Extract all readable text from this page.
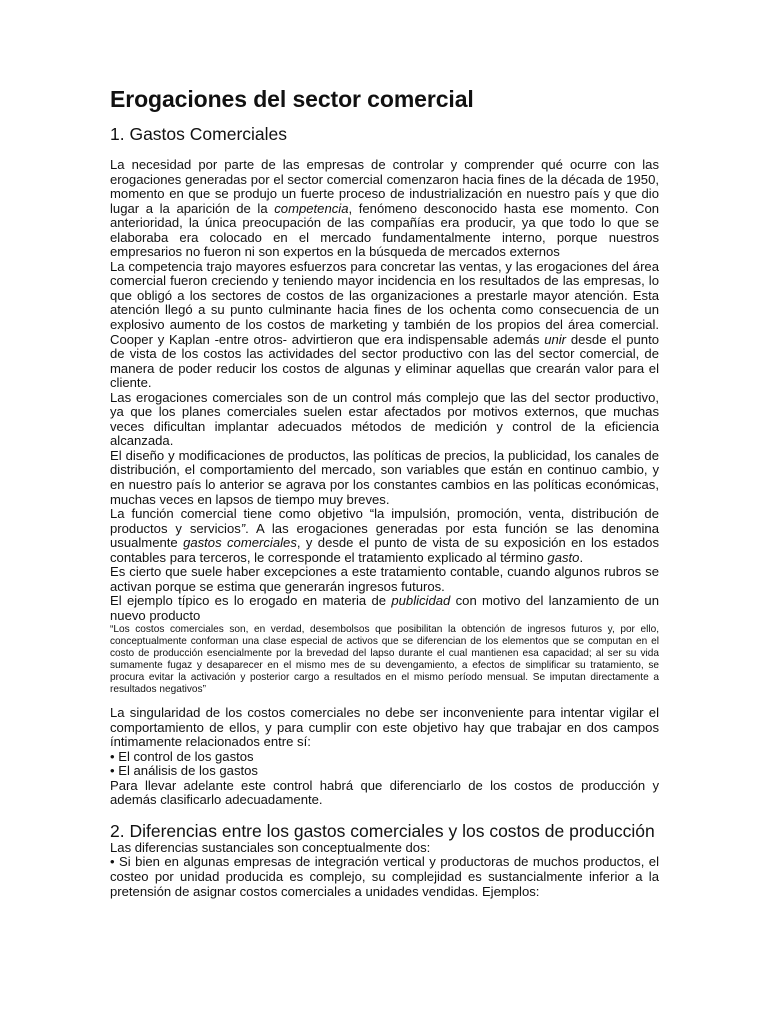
Erogaciones del sector comercial
1. Gastos Comerciales

La necesidad por parte de las empresas de controlar y comprender qué ocurre con las erogaciones generadas por el sector comercial comenzaron hacia fines de la década de 1950, momento en que se produjo un fuerte proceso de industrialización en nuestro país y que dio lugar a la aparición de la competencia, fenómeno desconocido hasta ese momento. Con anterioridad, la única preocupación de las compañías era producir, ya que todo lo que se elaboraba era colocado en el mercado fundamentalmente interno, porque nuestros empresarios no fueron ni son expertos en la búsqueda de mercados externos

La competencia trajo mayores esfuerzos para concretar las ventas, y las erogaciones del área comercial fueron creciendo y teniendo mayor incidencia en los resultados de las empresas, lo que obligó a los sectores de costos de las organizaciones a prestarle mayor atención. Esta atención llegó a su punto culminante hacia fines de los ochenta como consecuencia de un explosivo aumento de los costos de marketing y también de los propios del área comercial. Cooper y Kaplan -entre otros- advirtieron que era indispensable además unir desde el punto de vista de los costos las actividades del sector productivo con las del sector comercial, de manera de poder reducir los costos de algunas y eliminar aquellas que crearán valor para el cliente.

Las erogaciones comerciales son de un control más complejo que las del sector productivo, ya que los planes comerciales suelen estar afectados por motivos externos, que muchas veces dificultan implantar adecuados métodos de medición y control de la eficiencia alcanzada.

El diseño y modificaciones de productos, las políticas de precios, la publicidad, los canales de distribución, el comportamiento del mercado, son variables que están en continuo cambio, y en nuestro país lo anterior se agrava por los constantes cambios en las políticas económicas, muchas veces en lapsos de tiempo muy breves.

La función comercial tiene como objetivo “la impulsión, promoción, venta, distribución de productos y servicios”. A las erogaciones generadas por esta función se las denomina usualmente gastos comerciales, y desde el punto de vista de su exposición en los estados contables para terceros, le corresponde el tratamiento explicado al término gasto.

Es cierto que suele haber excepciones a este tratamiento contable, cuando algunos rubros se activan porque se estima que generarán ingresos futuros.

El ejemplo típico es lo erogado en materia de publicidad con motivo del lanzamiento de un nuevo producto

“Los costos comerciales son, en verdad, desembolsos que posibilitan la obtención de ingresos futuros y, por ello, conceptualmente conforman una clase especial de activos que se diferencian de los elementos que se computan en el costo de producción esencialmente por la brevedad del lapso durante el cual mantienen esa capacidad; al ser su vida sumamente fugaz y desaparecer en el mismo mes de su devengamiento, a efectos de simplificar su tratamiento, se procura evitar la activación y posterior cargo a resultados en el mismo período mensual. Se imputan directamente a resultados negativos”

La singularidad de los costos comerciales no debe ser inconveniente para intentar vigilar el comportamiento de ellos, y para cumplir con este objetivo hay que trabajar en dos campos íntimamente relacionados entre sí:

• El control de los gastos

• El análisis de los gastos

Para llevar adelante este control habrá que diferenciarlo de los costos de producción y además clasificarlo adecuadamente.

2. Diferencias entre los gastos comerciales y los costos de producción

Las diferencias sustanciales son conceptualmente dos:

• Si bien en algunas empresas de integración vertical y productoras de muchos productos, el costeo por unidad producida es complejo, su complejidad es sustancialmente inferior a la pretensión de asignar costos comerciales a unidades vendidas. Ejemplos:
